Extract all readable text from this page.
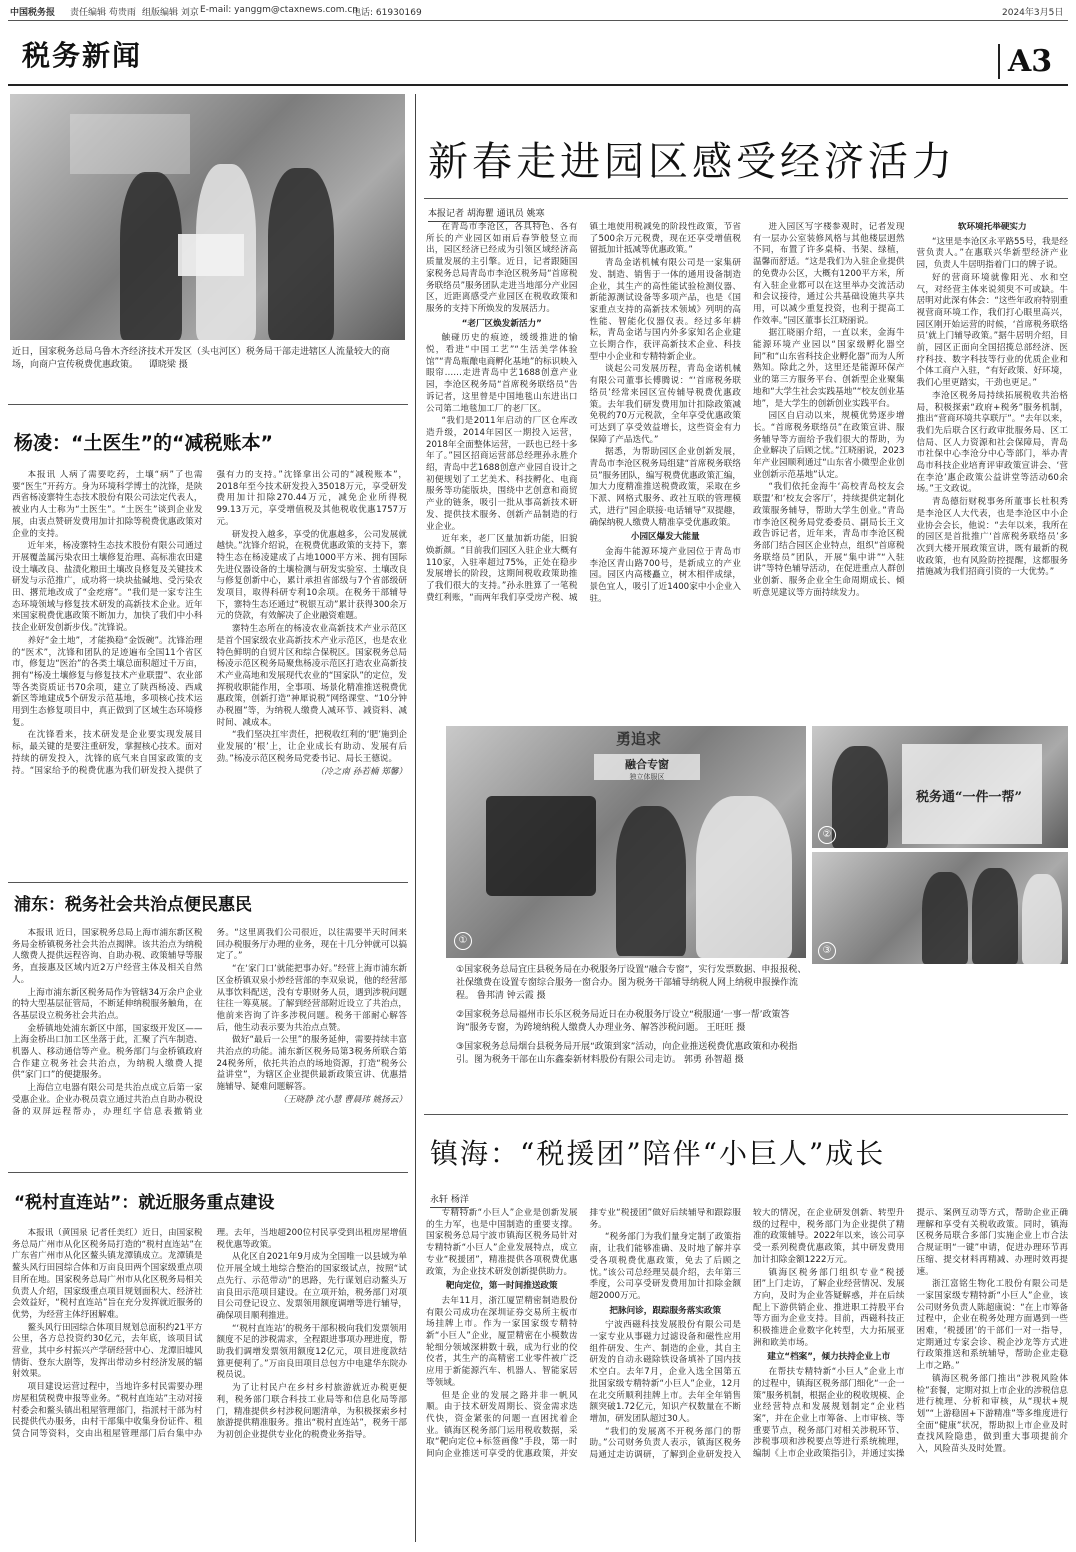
中国税务报 责任编辑 苟贵雨 组版编辑 刘京 E-mail: yanggm@ctaxnews.com.cn
电话: 61930169	2024年3月5日
税务新闻	A3
近日，国家税务总局乌鲁木齐经济技术开发区（头屯河区）税务局干部走进辖区人流量较大的商场，向商户宣传税费优惠政策。 谭晓梁 摄
杨凌：“土医生”的“减税账本”

本报讯 人病了需要吃药，土壤“病”了也需要“医生”开药方。身为环境科学博士的沈锋，是陕西省杨凌寨特生态技术股份有限公司法定代表人，被业内人士称为“土医生”。“土医生”谈到企业发展，由衷点赞研发费用加计扣除等税费优惠政策对企业的支持。

近年来，杨凌寨特生态技术股份有限公司通过开展覆盖属污染农田土壤修复治理、高标准农田建设土壤改良、盐渍化粮田土壤改良修复及关键技术研发与示范推广，成功将一块块盐碱地、受污染农田、撂荒地改成了“金疙瘩”。“我们是一家专注生态环境领域与修复技术研发的高新技术企业。近年来国家税费优惠政策不断加力，加快了我们中小科技企业研发创新步伐。”沈锋说。

养好“金土地”，才能换稳“金饭碗”。沈锋治理的“医术”，沈锋和团队的足迹遍布全国11个省区市，修复边“医治”的各类土壤总面积超过千万亩，拥有“杨凌土壤修复与修复技术产业联盟”、农业部等各类资质证书70余项，建立了陕西杨凌、西咸新区等地建成5个研发示范基地，多项核心技术运用到生态修复项目中，真正做到了区域生态环境修复。

在沈锋看来，技术研发是企业要实现发展目标，最关键的是要注重研发，掌握核心技术。面对持续的研发投入，沈锋的底气来自国家政策的支持。“国家给予的税费优惠为我们研发投入提供了强有力的支持。”沈锋拿出公司的“减税账本”，2018年至今技术研发投入35018万元，享受研发费用加计扣除270.44万元，减免企业所得税99.13万元，享受增值税及其他税收优惠1757万元。

研发投入越多，享受的优惠越多，公司发展就越快。”沈锋介绍说，在税费优惠政策的支持下，寨特生态在杨凌建成了占地1000平方米、拥有国际先进仪器设备的土壤检测与研发实验室、土壤改良与修复创新中心，累计承担省部级与7个省部级研发项目，取得科研专利10余项。在税务干部辅导下，寨特生态还通过“税银互动”累计获得300余万元的贷款，有效解决了企业融资难题。

寨特生态所在的杨凌农业高新技术产业示范区是首个国家级农业高新技术产业示范区，也是农业特色鲜明的自贸片区和综合保税区。国家税务总局杨凌示范区税务局聚焦杨凌示范区打造农业高新技术产业高地和发展现代农业的“国家队”的定位，发挥税收职能作用，全事项、场景化精准推送税费优惠政策，创新打造“神犀说税”网络课堂、“10分钟办税圈”等，为纳税人缴费人减环节、减资料、减时间、减成本。

“我们坚决扛牢责任，把税收红利的‘肥’施到企业发展的‘根’上，让企业成长有助动、发展有后劲。”杨凌示范区税务局党委书记、局长王德说。

（冷之南 孙若楠 郑馨）

浦东：税务社会共治点便民惠民

本报讯 近日，国家税务总局上海市浦东新区税务局金桥镇税务社会共治点揭牌。该共治点为纳税人缴费人提供远程咨询、自助办税、政策辅导等服务，直接惠及区域内近2万户经营主体及相关自然人。

上海市浦东新区税务局作为管辖34万余户企业的特大型基层征管局，不断延伸纳税服务触角，在各基层设立税务社会共治点。

金桥镇地处浦东新区中部，国家级开发区——上海金桥出口加工区坐落于此，汇聚了汽车制造、机器人、移动通信等产业。税务部门与金桥镇政府合作建立税务社会共治点，为纳税人缴费人提供“家门口”的便捷服务。

上海信立电器有限公司是共治点成立后第一家受惠企业。企业办税员袁立通过共治点自助办税设备的双屏远程帮办，办理红字信息表撤销业务。“这里离我们公司很近，以往需要半天时间来回办税服务厅办理的业务，现在十几分钟就可以搞定了。”

“在‘家门口’就能把事办好。”经营上海市浦东新区金桥镇双泉小炒经营部的李双泉说，他的经营部从事饮料配送，没有专职财务人员，遇到涉税问题往往一筹莫展。了解到经营部附近设立了共治点，他前来咨询了许多涉税问题。税务干部耐心解答后，他生动表示要为共治点点赞。

做好“最后一公里”的服务延伸，需要持续丰富共治点的功能。浦东新区税务局第3税务所联合第24税务所，依托共治点的场地资源，打造“税务公益讲堂”，为辖区企业提供最新政策宣讲、优惠措施辅导、疑难问题解答。

（王晓静 沈小慧 曹晨玮 姚扬云）

“税村直连站”：就近服务重点建设

本报讯（黄国泉 记者任美红）近日，由国家税务总局广州市从化区税务局打造的“税村直连站”在广东省广州市从化区鳌头镇龙潭镇成立。龙潭镇是鳌头风行田园综合体和万亩良田两个国家级重点项目所在地。国家税务总局广州市从化区税务局相关负责人介绍，国家级重点项目规划面积大、经济社会效益好，“税村直连站”旨在充分发挥就近服务的优势，为经营主体纾困解难。

鳌头风行田园综合体项目规划总面积约21平方公里，各方总投资约30亿元，去年底，该项目试营业，其中乡村振兴产学研经营中心、龙潭旧墟风情街、登东大剧等，发挥出带动乡村经济发展的辐射效果。

项目建设运营过程中，当地许多村民需要办理房屋租赁税费申报等业务。“税村直连站”主动对接村委会和鳌头镇出租屋管理部门，指派村干部为村民提供代办服务，由村干部集中收集身份证件、租赁合同等资料，交由出租屋管理部门后台集中办理。去年，当地超200位村民享受到出租房屋增值税优惠等政策。

从化区自2021年9月成为全国唯一以县域为单位开展全域土地综合整治的国家级试点，按照“试点先行、示范带动”的思路，先行谋划启动鳌头万亩良田示范项目建设。在立项开始，税务部门对项目公司登记设立、发票领用额度调增等进行辅导，确保项目顺利推进。

“‘税村直连站’的税务干部积极向我们发票领用额度不足的涉税需求，全程跟进事项办理进度，帮助我们调增发票领用额度12亿元，项目进度款结算更便利了。”万亩良田项目总包方中电建华东院办税员说。

为了让村民户在乡村乡村旅游就近办税更便利，税务部门联合科技工业局等和信息化局等部门，精准提供乡村涉税问题清单，为积极探索乡村旅游提供精准服务。推出“税村直连站”，税务干部为初创企业提供专业化的税费业务指导。

新春走进园区感受经济活力
本报记者 胡海瞿 通讯员 姚寒

在青岛市李沧区，各具特色、各有所长的产业园区如雨后春笋般竖立而出，园区经济已经成为引领区域经济高质量发展的主引擎。近日，记者跟随国家税务总局青岛市李沧区税务局“首席税务联络员”服务团队走进当地部分产业园区，近距离感受产业园区在税收政策和服务的支持下所焕发的发展活力。

“老厂区焕发新活力”

触碰历史的痕迹，缓缓推进的愉悦，看进“中国工艺”“生活美学体验馆”“青岛瓶酿电商孵化基地”的标识映入眼帘……走进青岛中艺1688创意产业园，李沧区税务局“首席税务联络员”告诉记者，这里曾是中国地毯山东进出口公司第二地毯加工厂的老厂区。

“我们是2011年启动的厂区仓库改造升级，2014年园区一期投入运营，2018年全面整体运营，一跃也已经十多年了。”园区招商运营部总经理孙永胜介绍，青岛中艺1688创意产业园自设计之初便规划了工艺美术、科技孵化、电商服务等功能版块，围绕中艺创意和商贸产业的链条，吸引一批从事高新技术研发、提供技术服务、创新产品制造的行业企业。

近年来，老厂区量加新功能，旧貌焕新颜。“目前我们园区入驻企业大概有110家，入驻率超过75%，正处在稳步发展增长的阶段，这期间税收政策助推了我们很大的支持。”孙永胜算了一笔税费红利账，“而两年我们享受房产税、城镇土地使用税减免的阶段性政策，节省了500余万元税费，现在还享受增值税留抵加计抵减等优惠政策。”

青岛金诺机械有限公司是一家集研发、制造、销售于一体的通用设备制造企业，其生产的高性能试验检测仪器、新能源测试设备等多项产品，也是《国家重点支持的高新技术领域》列明的高性能、智能化仪器仪表。经过多年耕耘，青岛金诺与国内外多家知名企业建立长期合作，获评高新技术企业、科技型中小企业和专精特新企业。

谈起公司发展历程，青岛金诺机械有限公司董事长傅腾说：“‘首席税务联络员’经常来园区宣传辅导税费优惠政策。去年我们研发费用加计扣除政策减免税约70万元税款，全年享受优惠政策可达到了享受效益增长，这些资金有力保障了产品迭代。”

据悉，为帮助园区企业创新发展，青岛市李沧区税务局组建“首席税务联络员”服务团队，编写税费优惠政策汇编，加大力度精准推送税费政策，采取在乡下派、网格式服务、政社互联的管理模式，进行“园企联接·电话辅导”双提趣，确保纳税人缴费人精准享受优惠政策。

小园区爆发大能量

金海牛能源环境产业园位于青岛市李沧区青山路700号，是新成立的产业园。园区内高楼矗立，树木相伴成绿，景色宜人，吸引了近1400家中小企业入驻。

进入园区写字楼参观时，记者发现有一层办公室装修风格与其他楼层迥然不同，布置了许多桌椅、书架、绿植，温馨而舒适。“这是我们为入驻企业提供的免费办公区，大概有1200平方米，所有入驻企业都可以在这里举办交流活动和会议接待，通过公共基础设施共享共用，可以减少重复投资，也利于提高工作效率。”园区董事长江晓丽说。

据江晓丽介绍，一直以来，金海牛能源环境产业园以“国家级孵化器空间”和“山东省科技企业孵化器”而为人所熟知。除此之外，这里还是能源环保产业的第三方服务平台、创新型企业聚集地和“大学生社会实践基地”“校友创业基地”，是大学生的创新创业实践平台。

园区自启动以来，规模优势逐步增长。“首席税务联络员”在政策宣讲、服务辅导等方面给予我们很大的帮助，为企业解决了后顾之忧。”江晓丽说，2023年产业园顺利通过“山东省小微型企业创业创新示范基地”认定。

“我们依托金海牛‘高校青岛校友会联盟’和‘校友会客厅’，持续提供定制化政策服务辅导，帮助大学生创业。”青岛市李沧区税务局党委委员、副局长王文政告诉记者，近年来，青岛市李沧区税务部门结合园区企业特点，组织“首席税务联络员”团队，开展“集中讲”“入驻讲”等特色辅导活动，在促进重点人群创业创新、服务企业全生命周期成长、倾听意见建议等方面持续发力。

软环境托举硬实力

“这里是李沧区永平路55号，我是经营负责人。”在惠联兴华新型经济产业园，负责人牛居明指着门口的牌子说。

好的营商环境就像阳光、水和空气，对经营主体来说须臾不可或缺。牛居明对此深有体会：“这些年政府特别重视营商环境工作，我们打心眼里高兴，园区刚开始运营的时候，‘首席税务联络员’就上门辅导政策。”据牛居明介绍，目前，园区正面向全国招揽总部经济、医疗科技、数字科技等行业的优质企业和个体工商户入驻，“有好政策、好环境，我们心里更踏实，干劲也更足。”

李沧区税务局持续拓展税收共治格局，积极探索“政府+税务”服务机制，推出“营商环境共享联厅”。“去年以来，我们先后联合区行政审批服务局、区工信局、区人力资源和社会保障局，青岛市社保中心李沧分中心等部门，举办青岛市科技企业培育评审政策宣讲会、‘营在李沧’惠企政策公益讲堂等活动60余场。”王文政说。

青岛德衍财税事务所董事长杜积秀是李沧区人大代表，也是李沧区中小企业协会会长，他说：“去年以来，我所在的园区是首批推广‘首席税务联络员’多次到大楼开展政策宣讲，既有最新的税收政策，也有风险防控提醒，这都服务措施减为我们招商引资的一大优势。”

融合专窗
独立体服区
勇追求
①
税务通“一件一帮”
②
③
①国家税务总局宜庄县税务局在办税服务厅设置“融合专窗”，实行发票数据、申报报税、社保缴费在设置专窗综合服务一窗合办。图为税务干部辅导纳税人网上纳税申报操作流程。 鲁邦清 钟云霞 摄
②国家税务总局福州市长乐区税务局近日在办税服务厅设立“税服通‘一事一帮’政策答询”服务专窗，为跨境纳税人缴费人办理业务、解答涉税问题。 王旺旺 摄
③国家税务总局烟台县税务局开展“政策到家”活动，向企业推送税费优惠政策和办税指引。图为税务干部在山东鑫泰新材料股份有限公司走访。 郭勇 孙智超 摄
镇海：“税援团”陪伴“小巨人”成长
永轩 杨洋

专精特新“小巨人”企业是创新发展的生力军，也是中国制造的重要支撑。国家税务总局宁波市镇海区税务局针对专精特新“小巨人”企业发展特点，成立专业“税援团”，精准提供各项税费优惠政策，为企业技术研发创新提供助力。

靶向定位，第一时间推送政策

去年11月，浙江厦罡精密制造股份有限公司成功在深圳证券交易所主板市场挂牌上市。作为一家国家级专精特新“小巨人”企业，厦罡精密在小模数齿轮细分领域深耕数十载，成为行业的佼佼者，其生产的高精密工业零件被广泛应用于新能源汽车、机器人、智能家居等领域。

但是企业的发展之路并非一帆风顺。由于技术研发周期长、资金需求迭代快，资金紧张的问题一直困扰着企业。镇海区税务部门运用税收数据，采取“靶向定位+标签画像”手段，第一时间向企业推送可享受的优惠政策，并安排专业“税援团”做好后续辅导和跟踪服务。

“税务部门为我们量身定制了政策指南，让我们能够准确、及时地了解并享受各项税费优惠政策，免去了后顾之忧。”该公司总经理吴晨介绍，去年第三季度，公司享受研发费用加计扣除金额超2000万元。

把脉问诊，跟踪服务落实政策

宁波西磁科技发展股份有限公司是一家专业从事磁力过滤设备和磁性应用组件研发、生产、制造的企业，其自主研发的自动永磁除铁设备填补了国内技术空白。去年7月，企业入选全国第五批国家级专精特新“小巨人”企业，12月在北交所顺利挂牌上市。去年全年销售额突破1.72亿元，知识产权数量在不断增加，研发团队超过30人。

“我们的发展离不开税务部门的帮助。”公司财务负责人表示，镇海区税务局通过走访调研，了解到企业研发投入较大的情况，在企业研发创新、转型升级的过程中，税务部门为企业提供了精准的政策辅导。2022年以来，该公司享受一系列税费优惠政策，其中研发费用加计扣除金额1222万元。

镇海区税务部门组织专业“税援团”上门走访，了解企业经营情况、发展方向，及时为企业答疑解惑，并在后续配上下游供销企业、推进职工持股平台等方面为企业支持。目前，西磁科技正积极推进企业数字化转型，大力拓展亚洲和欧美市场。

建立“档案”，倾力扶持企业上市

在帮扶专精特新“小巨人”企业上市的过程中，镇海区税务部门细化“一企一策”服务机制，根据企业的税收规模、企业经营特点和发展规划制定“企业档案”，并在企业上市筹备、上市审核、等重要节点，税务部门对相关涉税环节、涉税事项和涉税要点等进行系统梳理，编制《上市企业政策指引》，并通过实操提示、案例互动等方式，帮助企业正确理解和享受有关税收政策。同时，镇海区税务局联合多部门实施企业上市合法合规证明“一键”申请，促进办理环节再压缩、提交材料再精减、办理时效再提速。

浙江富铭生物化工股份有限公司是一家国家级专精特新“小巨人”企业，该公司财务负责人陈超康说：“在上市筹备过程中，企业在税务处理方面遇到一些困难，‘税援团’的干部们一对一指导，定期通过专家会诊、税企沙龙等方式进行政策推送和系统辅导，帮助企业走稳上市之路。”

镇海区税务部门推出“涉税风险体检”套餐，定期对拟上市企业的涉税信息进行梳理、分析和审核，从“现状+规划”“上游稳固+下游精准”等多维度进行全面“健康”状况，帮助拟上市企业及时查找风险隐患，做到重大事项提前介入，风险苗头及时处置。
